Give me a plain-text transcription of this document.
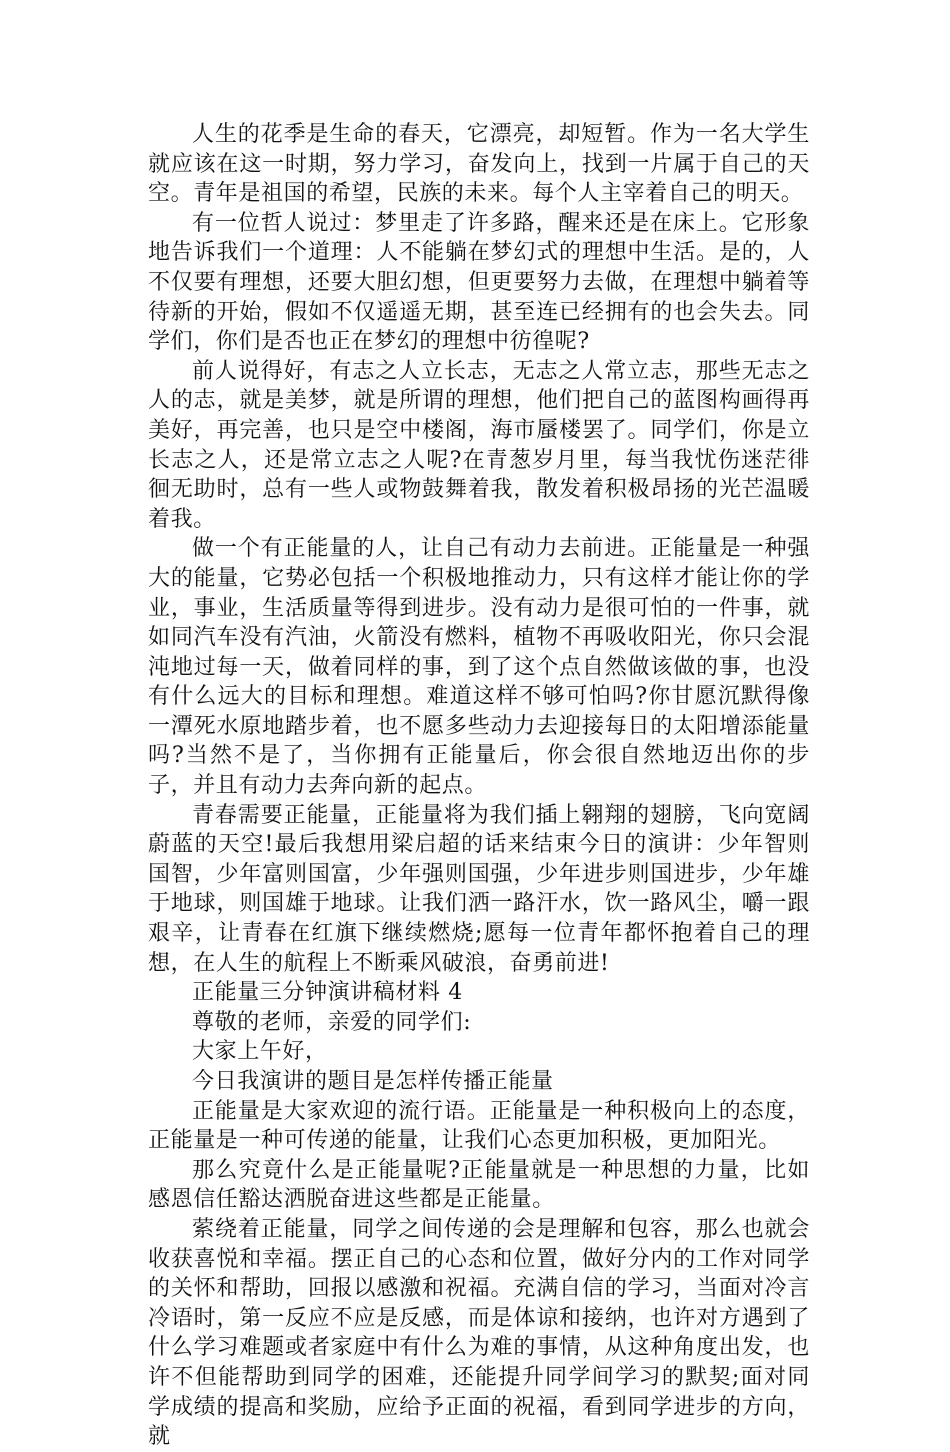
人生的花季是生命的春天，它漂亮，却短暂。作为一名大学生就应该在这一时期，努力学习，奋发向上，找到一片属于自己的天空。青年是祖国的希望，民族的未来。每个人主宰着自己的明天。

有一位哲人说过：梦里走了许多路，醒来还是在床上。它形象地告诉我们一个道理：人不能躺在梦幻式的理想中生活。是的，人不仅要有理想，还要大胆幻想，但更要努力去做，在理想中躺着等待新的开始，假如不仅遥遥无期，甚至连已经拥有的也会失去。同学们，你们是否也正在梦幻的理想中彷徨呢?

前人说得好，有志之人立长志，无志之人常立志，那些无志之人的志，就是美梦，就是所谓的理想，他们把自己的蓝图构画得再美好，再完善，也只是空中楼阁，海市蜃楼罢了。同学们，你是立长志之人，还是常立志之人呢?在青葱岁月里，每当我忧伤迷茫徘徊无助时，总有一些人或物鼓舞着我，散发着积极昂扬的光芒温暖着我。

做一个有正能量的人，让自己有动力去前进。正能量是一种强大的能量，它势必包括一个积极地推动力，只有这样才能让你的学业，事业，生活质量等得到进步。没有动力是很可怕的一件事，就如同汽车没有汽油，火箭没有燃料，植物不再吸收阳光，你只会混沌地过每一天，做着同样的事，到了这个点自然做该做的事，也没有什么远大的目标和理想。难道这样不够可怕吗?你甘愿沉默得像一潭死水原地踏步着，也不愿多些动力去迎接每日的太阳增添能量吗?当然不是了，当你拥有正能量后，你会很自然地迈出你的步子，并且有动力去奔向新的起点。

青春需要正能量，正能量将为我们插上翱翔的翅膀，飞向宽阔蔚蓝的天空!最后我想用梁启超的话来结束今日的演讲：少年智则国智，少年富则国富，少年强则国强，少年进步则国进步，少年雄于地球，则国雄于地球。让我们洒一路汗水，饮一路风尘，嚼一跟艰辛，让青春在红旗下继续燃烧;愿每一位青年都怀抱着自己的理想，在人生的航程上不断乘风破浪，奋勇前进!

正能量三分钟演讲稿材料 4

尊敬的老师，亲爱的同学们:

大家上午好，

今日我演讲的题目是怎样传播正能量

正能量是大家欢迎的流行语。正能量是一种积极向上的态度，正能量是一种可传递的能量，让我们心态更加积极，更加阳光。

那么究竟什么是正能量呢?正能量就是一种思想的力量，比如感恩信任豁达洒脱奋进这些都是正能量。

萦绕着正能量，同学之间传递的会是理解和包容，那么也就会收获喜悦和幸福。摆正自己的心态和位置，做好分内的工作对同学的关怀和帮助，回报以感激和祝福。充满自信的学习，当面对冷言冷语时，第一反应不应是反感，而是体谅和接纳，也许对方遇到了什么学习难题或者家庭中有什么为难的事情，从这种角度出发，也许不但能帮助到同学的困难，还能提升同学间学习的默契;面对同学成绩的提高和奖励，应给予正面的祝福，看到同学进步的方向，就
